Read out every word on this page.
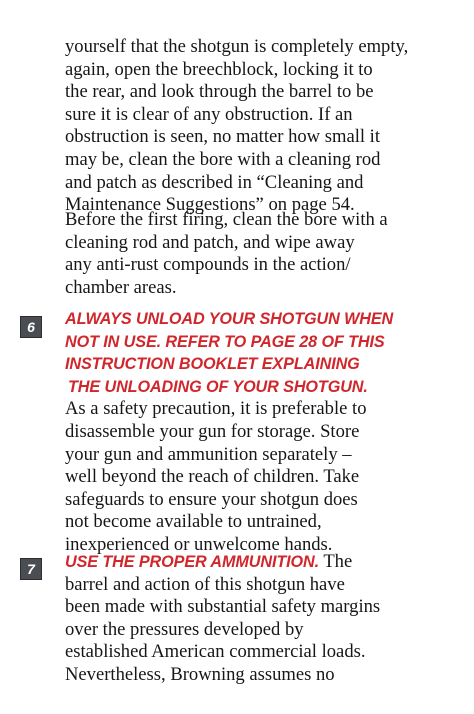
yourself that the shotgun is completely empty,
again, open the breechblock, locking it to
the rear, and look through the barrel to be
sure it is clear of any obstruction. If an
obstruction is seen, no matter how small it
may be, clean the bore with a cleaning rod
and patch as described in “Cleaning and
Maintenance Suggestions” on page 54.
Before the first firing, clean the bore with a
cleaning rod and patch, and wipe away
any anti-rust compounds in the action/
chamber areas.
6 ALWAYS UNLOAD YOUR SHOTGUN WHEN
NOT IN USE. REFER TO PAGE 28 OF THIS
INSTRUCTION BOOKLET EXPLAINING
THE UNLOADING OF YOUR SHOTGUN.
As a safety precaution, it is preferable to
disassemble your gun for storage. Store
your gun and ammunition separately –
well beyond the reach of children. Take
safeguards to ensure your shotgun does
not become available to untrained,
inexperienced or unwelcome hands.
7 USE THE PROPER AMMUNITION. The
barrel and action of this shotgun have
been made with substantial safety margins
over the pressures developed by
established American commercial loads.
Nevertheless, Browning assumes no
